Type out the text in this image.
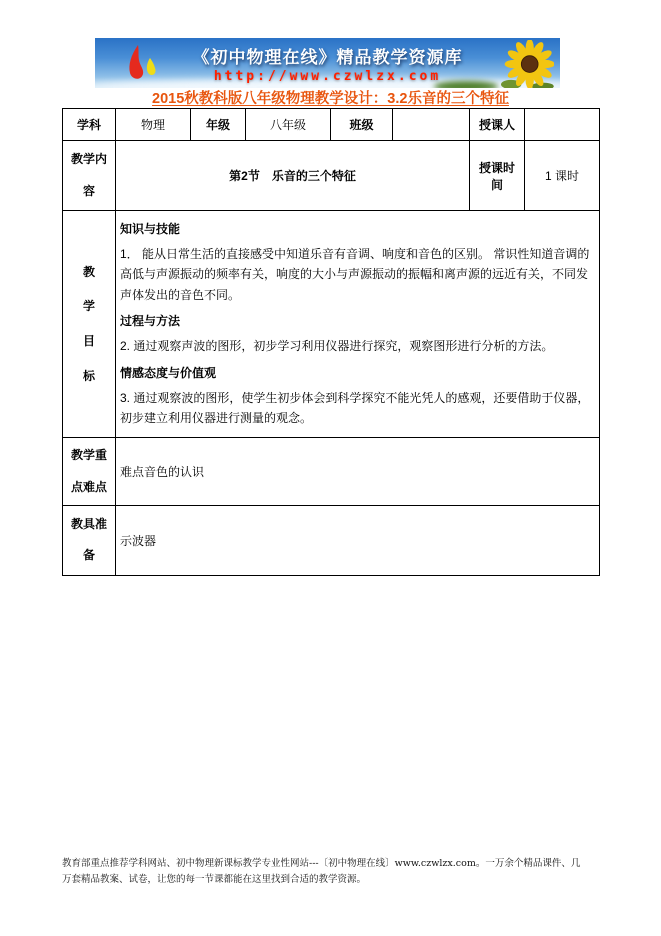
《初中物理在线》精品教学资源库
http://www.czwlzx.com
2015秋教科版八年级物理教学设计：3.2乐音的三个特征
学科	物理	年级	八年级	班级		授课人	

教学内容	第2节　乐音的三个特征					授课时间	1 课时

教学目标

知识与技能
1． 能从日常生活的直接感受中知道乐音有音调、响度和音色的区别。 常识性知道音调的高低与声源振动的频率有关，响度的大小与声源振动的振幅和离声源的远近有关，不同发声体发出的音色不同。
过程与方法
2. 通过观察声波的图形，初步学习利用仪器进行探究，观察图形进行分析的方法。
情感态度与价值观
3. 通过观察波的图形，使学生初步体会到科学探究不能光凭人的感观，还要借助于仪器，初步建立利用仪器进行测量的观念。

教学重点难点	难点音色的认识						

教具准备	示波器						
教育部重点推荐学科网站、初中物理新课标教学专业性网站---〔初中物理在线〕www.czwlzx.com。一万余个精品课件、几万套精品教案、试卷，让您的每一节课都能在这里找到合适的教学资源。
